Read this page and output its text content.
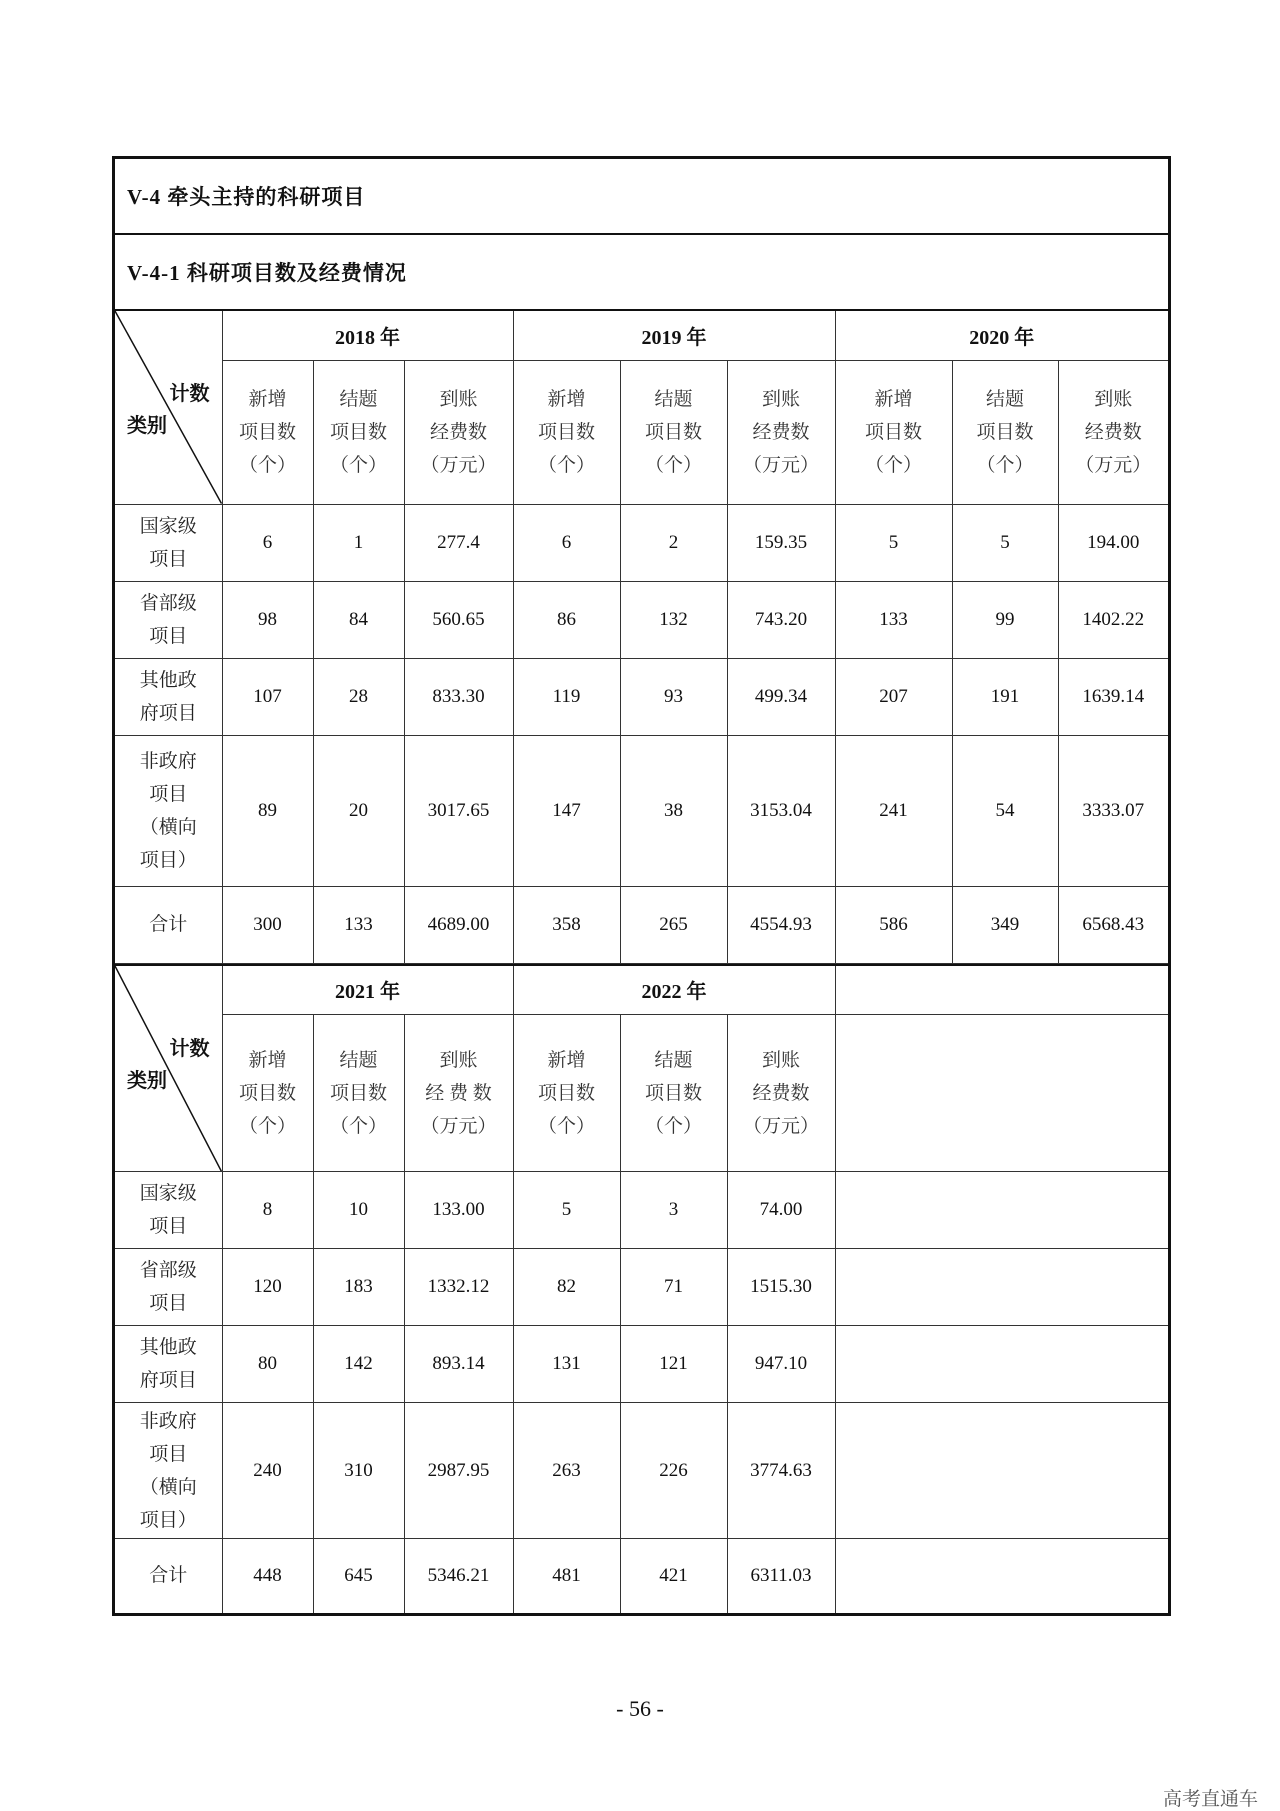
V-4 牵头主持的科研项目
V-4-1 科研项目数及经费情况
计数
类别	2018 年			2019 年			2020 年		
	新增
项目数
（个）	结题
项目数
（个）	到账
经费数
（万元）	新增
项目数
（个）	结题
项目数
（个）	到账
经费数
（万元）	新增
项目数
（个）	结题
项目数
（个）	到账
经费数
（万元）
国家级
项目	6	1	277.4	6	2	159.35	5	5	194.00
省部级
项目	98	84	560.65	86	132	743.20	133	99	1402.22
其他政
府项目	107	28	833.30	119	93	499.34	207	191	1639.14
非政府
项目
（横向
项目）	89	20	3017.65	147	38	3153.04	241	54	3333.07
合计	300	133	4689.00	358	265	4554.93	586	349	6568.43
计数
类别	2021 年			2022 年			
	新增
项目数
（个）	结题
项目数
（个）	到账
经 费 数
（万元）	新增
项目数
（个）	结题
项目数
（个）	到账
经费数
（万元）	
国家级
项目	8	10	133.00	5	3	74.00	
省部级
项目	120	183	1332.12	82	71	1515.30	
其他政
府项目	80	142	893.14	131	121	947.10	
非政府
项目
（横向
项目）	240	310	2987.95	263	226	3774.63	
合计	448	645	5346.21	481	421	6311.03	
- 56 -
高考直通车
